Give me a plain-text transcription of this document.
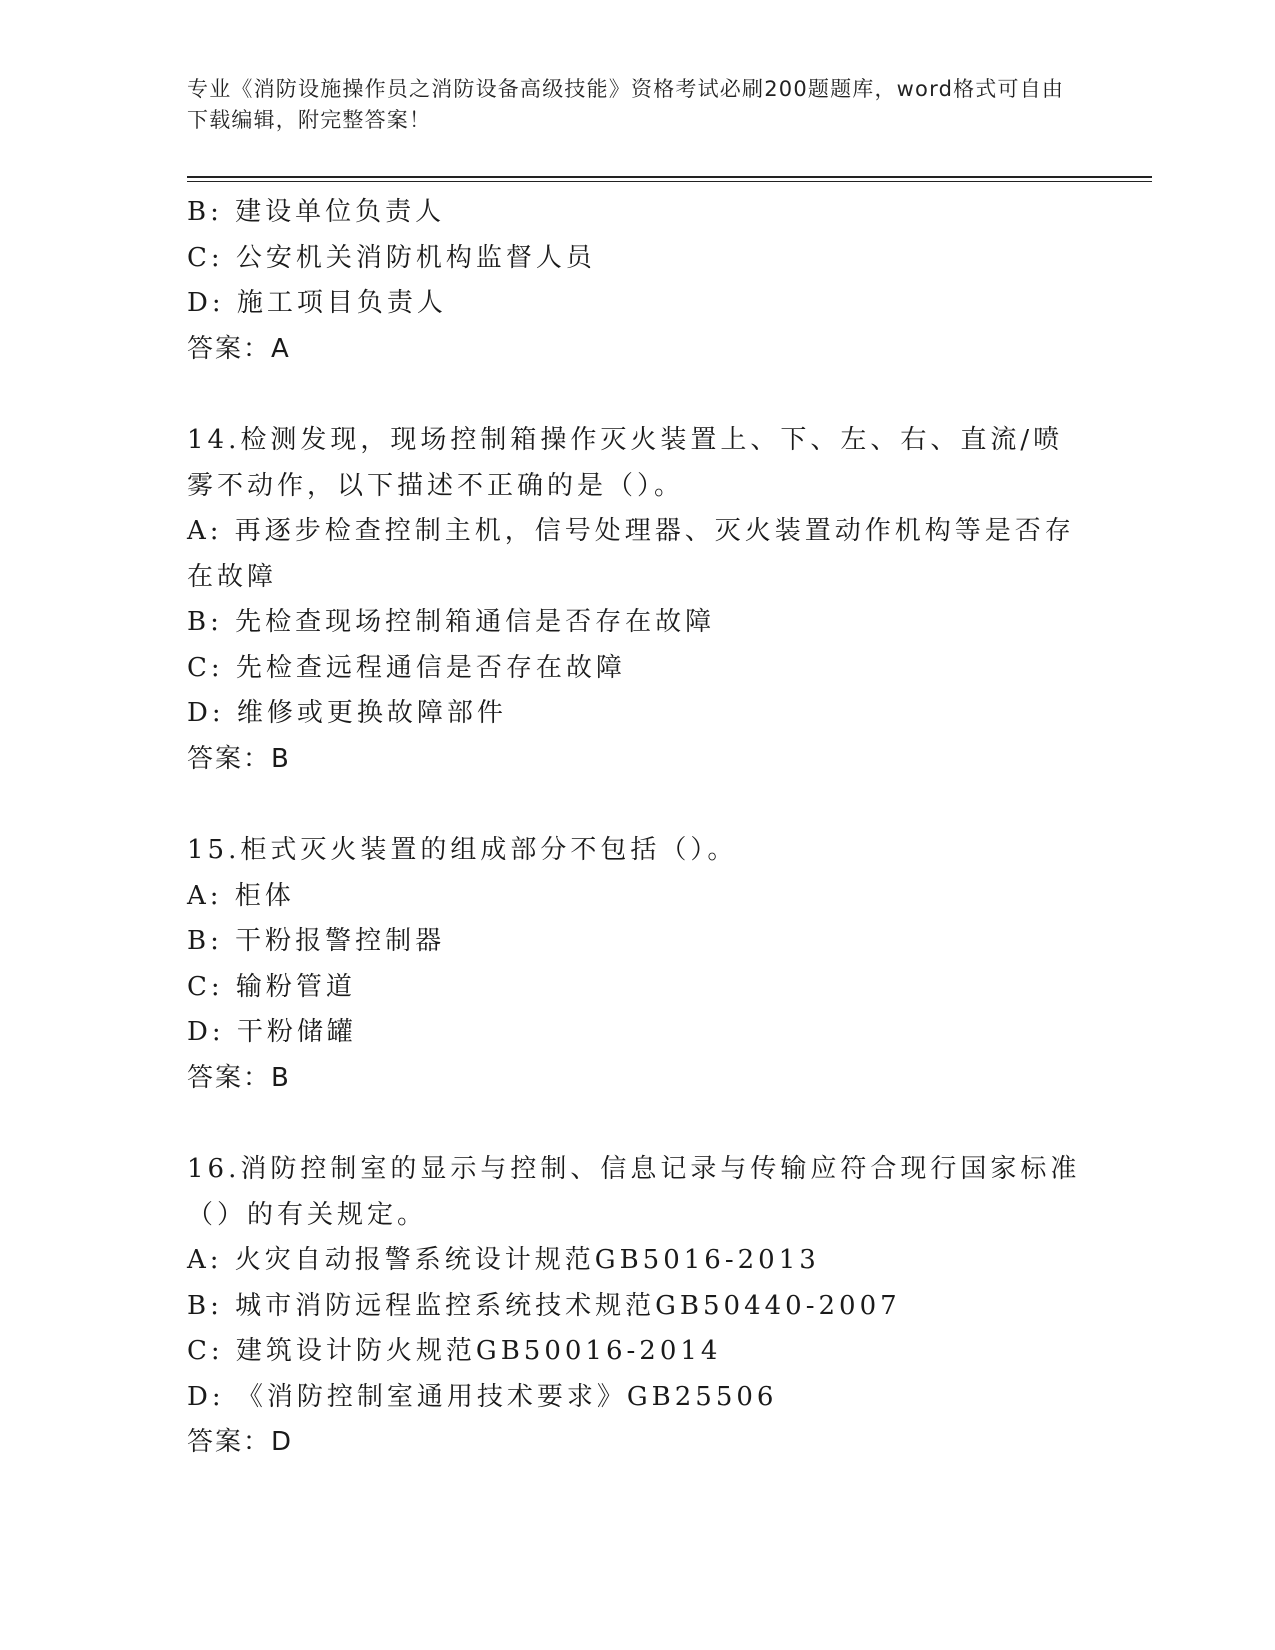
专业《消防设施操作员之消防设备高级技能》资格考试必刷200题题库，word格式可自由下载编辑，附完整答案！
B: 建设单位负责人
C: 公安机关消防机构监督人员
D: 施工项目负责人
答案：A
14.检测发现，现场控制箱操作灭火装置上、下、左、右、直流/喷雾不动作，以下描述不正确的是（）。
A: 再逐步检查控制主机，信号处理器、灭火装置动作机构等是否存在故障
B: 先检查现场控制箱通信是否存在故障
C: 先检查远程通信是否存在故障
D: 维修或更换故障部件
答案：B
15.柜式灭火装置的组成部分不包括（）。
A: 柜体
B: 干粉报警控制器
C: 输粉管道
D: 干粉储罐
答案：B
16.消防控制室的显示与控制、信息记录与传输应符合现行国家标准（）的有关规定。
A: 火灾自动报警系统设计规范GB5016-2013
B: 城市消防远程监控系统技术规范GB50440-2007
C: 建筑设计防火规范GB50016-2014
D: 《消防控制室通用技术要求》GB25506
答案：D
